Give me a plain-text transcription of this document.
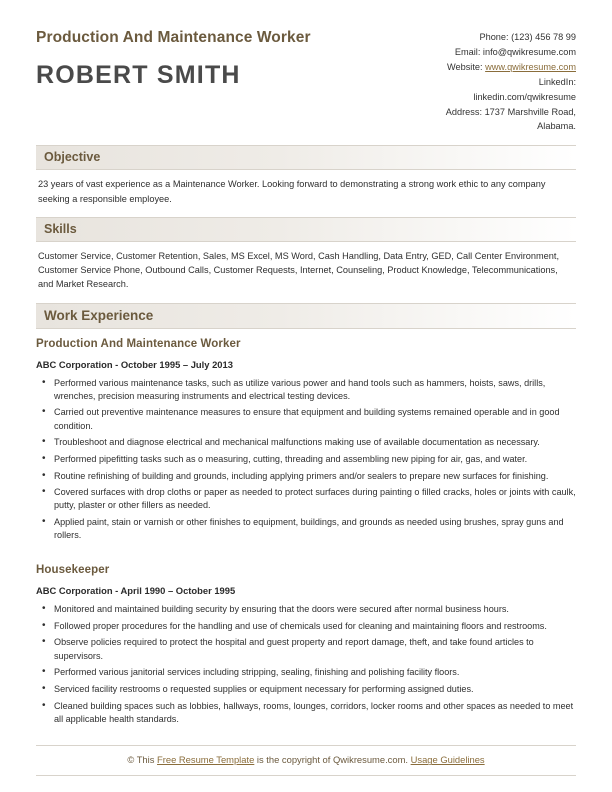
Production And Maintenance Worker
ROBERT SMITH
Phone: (123) 456 78 99
Email: info@qwikresume.com
Website: www.qwikresume.com
LinkedIn:
linkedin.com/qwikresume
Address: 1737 Marshville Road,
Alabama.
Objective
23 years of vast experience as a Maintenance Worker. Looking forward to demonstrating a strong work ethic to any company seeking a responsible employee.
Skills
Customer Service, Customer Retention, Sales, MS Excel, MS Word, Cash Handling, Data Entry, GED, Call Center Environment, Customer Service Phone, Outbound Calls, Customer Requests, Internet, Counseling, Product Knowledge, Telecommunications, and Market Research.
Work Experience
Production And Maintenance Worker
ABC Corporation - October 1995 – July 2013
• Performed various maintenance tasks, such as utilize various power and hand tools such as hammers, hoists, saws, drills, wrenches, precision measuring instruments and electrical testing devices.
• Carried out preventive maintenance measures to ensure that equipment and building systems remained operable and in good condition.
• Troubleshoot and diagnose electrical and mechanical malfunctions making use of available documentation as necessary.
• Performed pipefitting tasks such as o measuring, cutting, threading and assembling new piping for air, gas, and water.
• Routine refinishing of building and grounds, including applying primers and/or sealers to prepare new surfaces for finishing.
• Covered surfaces with drop cloths or paper as needed to protect surfaces during painting o filled cracks, holes or joints with caulk, putty, plaster or other fillers as needed.
• Applied paint, stain or varnish or other finishes to equipment, buildings, and grounds as needed using brushes, spray guns and rollers.
Housekeeper
ABC Corporation - April 1990 – October 1995
• Monitored and maintained building security by ensuring that the doors were secured after normal business hours.
• Followed proper procedures for the handling and use of chemicals used for cleaning and maintaining floors and restrooms.
• Observe policies required to protect the hospital and guest property and report damage, theft, and take found articles to supervisors.
• Performed various janitorial services including stripping, sealing, finishing and polishing facility floors.
• Serviced facility restrooms o requested supplies or equipment necessary for performing assigned duties.
• Cleaned building spaces such as lobbies, hallways, rooms, lounges, corridors, locker rooms and other spaces as needed to meet all applicable health standards.
© This Free Resume Template is the copyright of Qwikresume.com. Usage Guidelines
